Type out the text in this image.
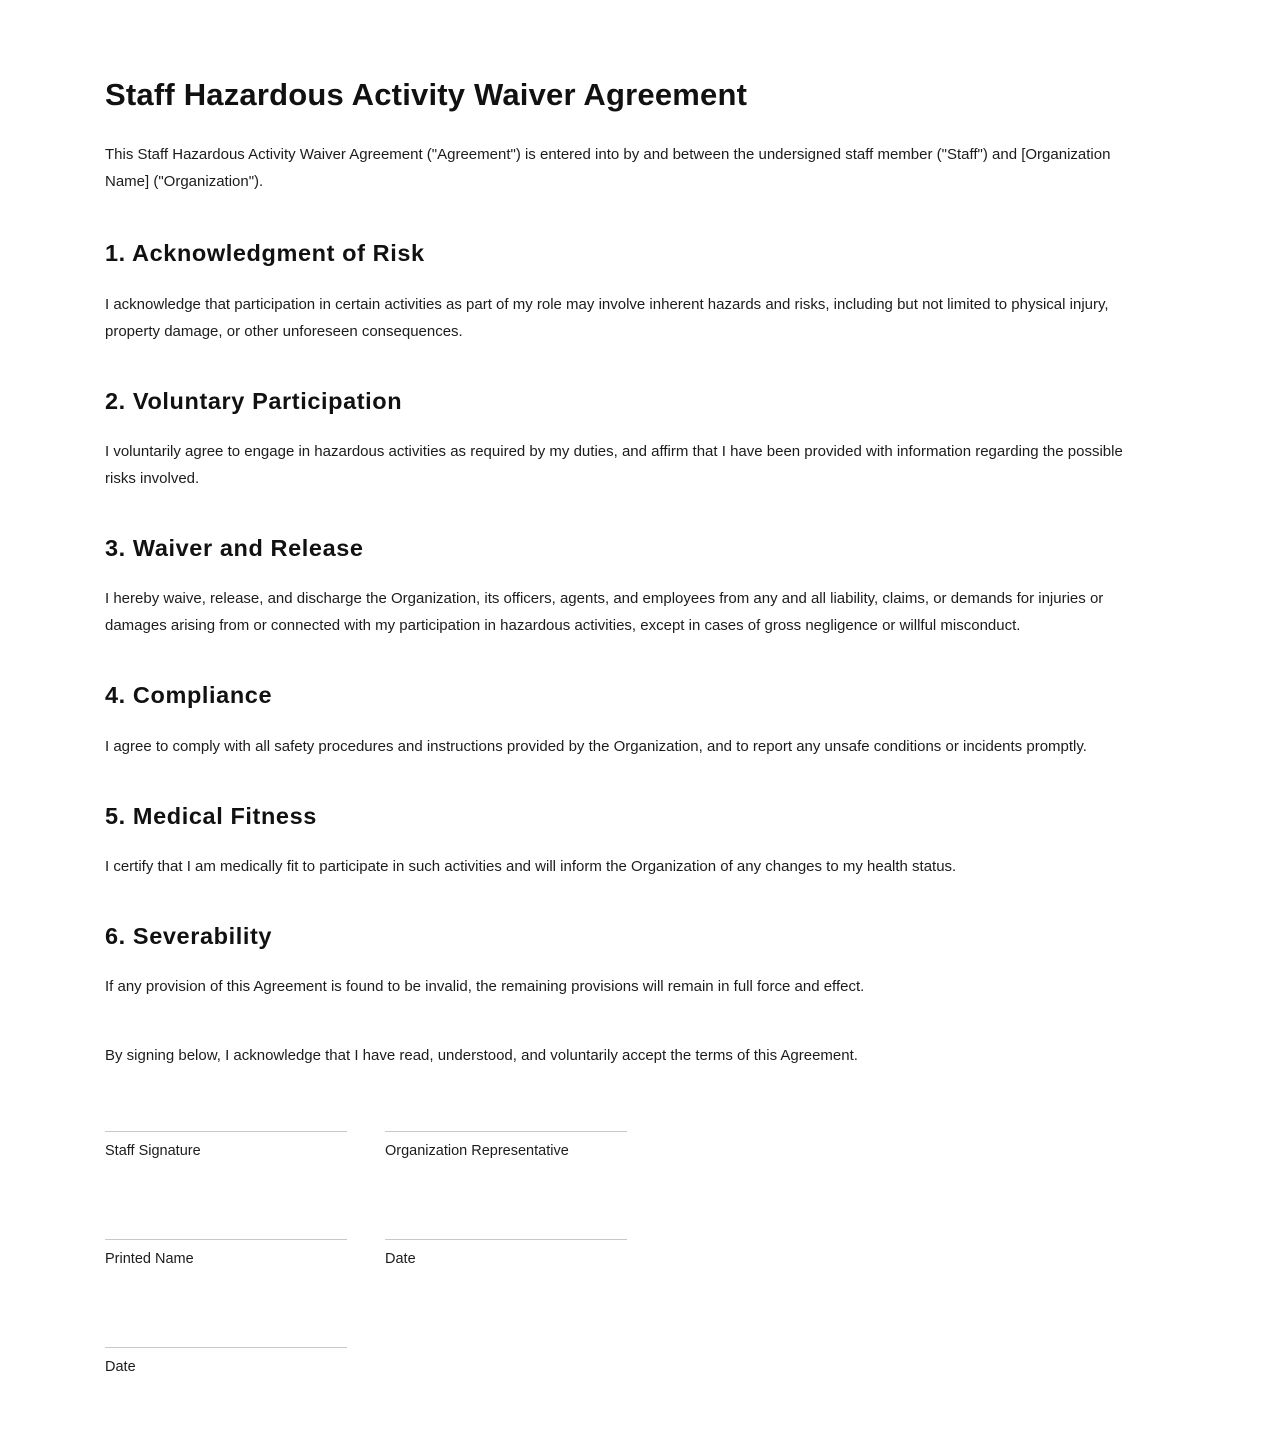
Staff Hazardous Activity Waiver Agreement

This Staff Hazardous Activity Waiver Agreement ("Agreement") is entered into by and between the undersigned staff member ("Staff") and [Organization Name] ("Organization").

1. Acknowledgment of Risk

I acknowledge that participation in certain activities as part of my role may involve inherent hazards and risks, including but not limited to physical injury, property damage, or other unforeseen consequences.

2. Voluntary Participation

I voluntarily agree to engage in hazardous activities as required by my duties, and affirm that I have been provided with information regarding the possible risks involved.

3. Waiver and Release

I hereby waive, release, and discharge the Organization, its officers, agents, and employees from any and all liability, claims, or demands for injuries or damages arising from or connected with my participation in hazardous activities, except in cases of gross negligence or willful misconduct.

4. Compliance

I agree to comply with all safety procedures and instructions provided by the Organization, and to report any unsafe conditions or incidents promptly.

5. Medical Fitness

I certify that I am medically fit to participate in such activities and will inform the Organization of any changes to my health status.

6. Severability

If any provision of this Agreement is found to be invalid, the remaining provisions will remain in full force and effect.

By signing below, I acknowledge that I have read, understood, and voluntarily accept the terms of this Agreement.

Staff Signature	Organization Representative
Printed Name	Date
Date
